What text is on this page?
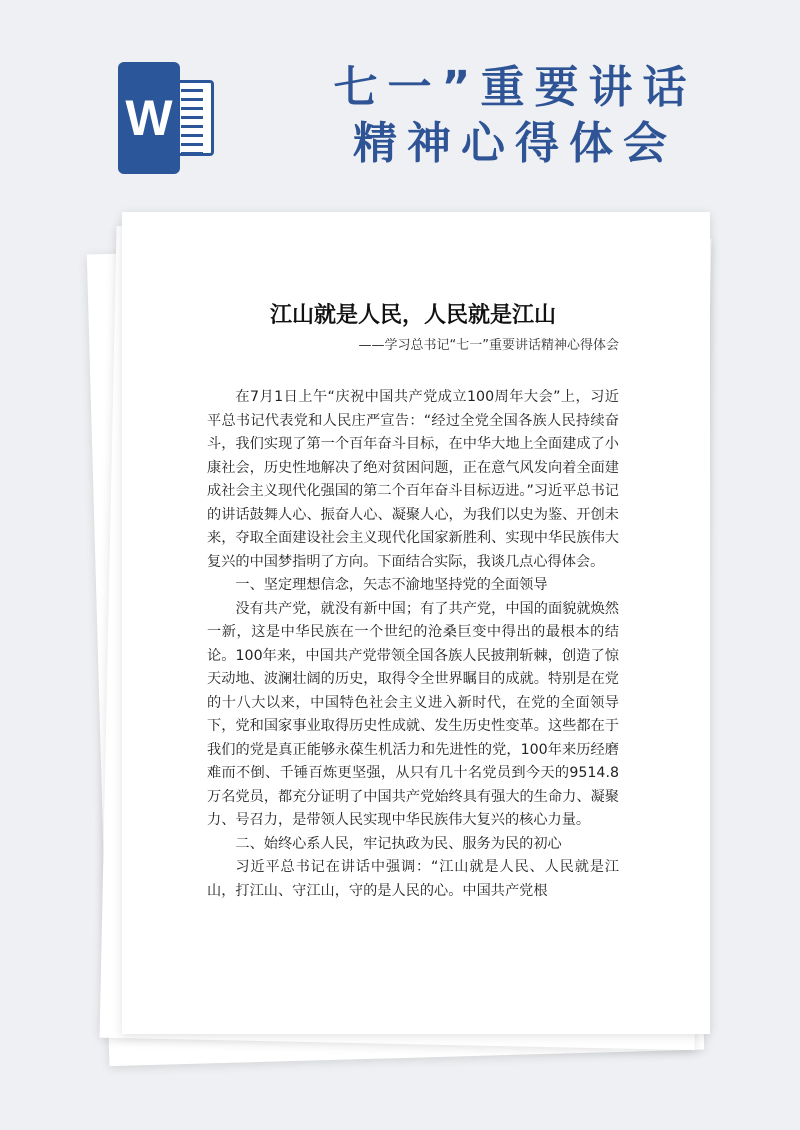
W
七一”重要讲话
精神心得体会
江山就是人民，人民就是江山
——学习总书记“七一”重要讲话精神心得体会

在7月1日上午“庆祝中国共产党成立100周年大会”上，习近平总书记代表党和人民庄严宣告：“经过全党全国各族人民持续奋斗，我们实现了第一个百年奋斗目标，在中华大地上全面建成了小康社会，历史性地解决了绝对贫困问题，正在意气风发向着全面建成社会主义现代化强国的第二个百年奋斗目标迈进。”习近平总书记的讲话鼓舞人心、振奋人心、凝聚人心，为我们以史为鉴、开创未来，夺取全面建设社会主义现代化国家新胜利、实现中华民族伟大复兴的中国梦指明了方向。下面结合实际，我谈几点心得体会。

一、坚定理想信念，矢志不渝地坚持党的全面领导

没有共产党，就没有新中国；有了共产党，中国的面貌就焕然一新，这是中华民族在一个世纪的沧桑巨变中得出的最根本的结论。100年来，中国共产党带领全国各族人民披荆斩棘，创造了惊天动地、波澜壮阔的历史，取得令全世界瞩目的成就。特别是在党的十八大以来，中国特色社会主义进入新时代，在党的全面领导下，党和国家事业取得历史性成就、发生历史性变革。这些都在于我们的党是真正能够永葆生机活力和先进性的党，100年来历经磨难而不倒、千锤百炼更坚强，从只有几十名党员到今天的9514.8万名党员，都充分证明了中国共产党始终具有强大的生命力、凝聚力、号召力，是带领人民实现中华民族伟大复兴的核心力量。

二、始终心系人民，牢记执政为民、服务为民的初心

习近平总书记在讲话中强调：“江山就是人民、人民就是江山，打江山、守江山，守的是人民的心。中国共产党根
